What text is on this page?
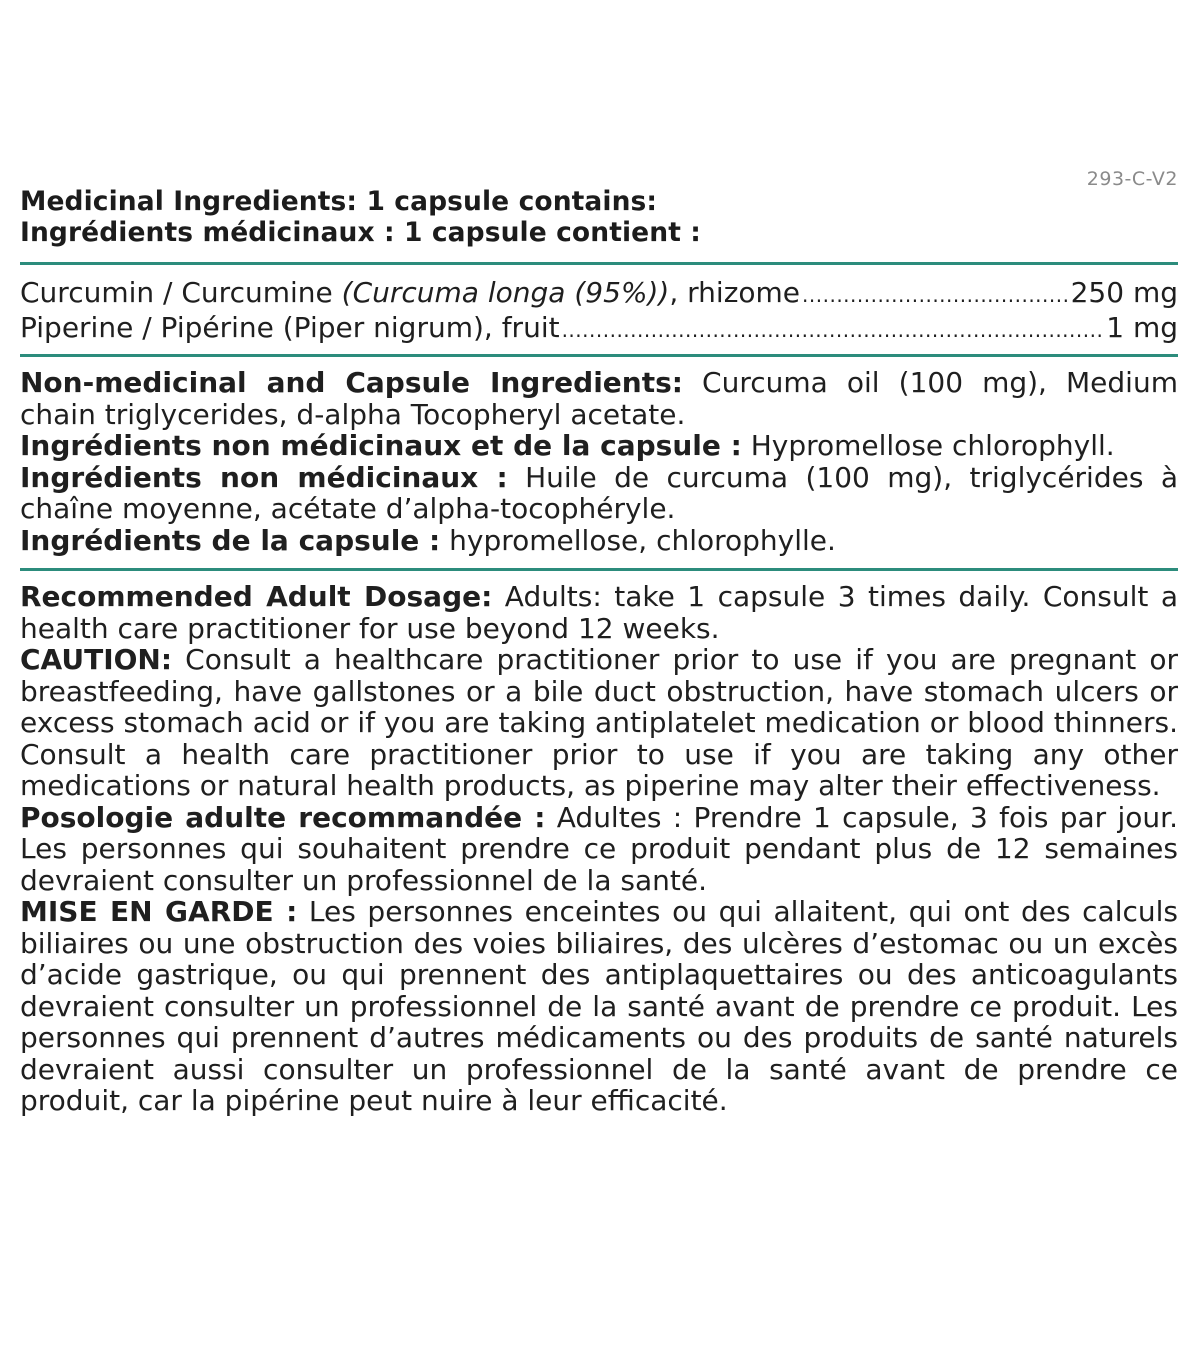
293-C-V2
Medicinal Ingredients: 1 capsule contains:
Ingrédients médicinaux : 1 capsule contient :
Curcumin / Curcumine (Curcuma longa (95%)), rhizome .....	250 mg
Piperine / Pipérine (Piper nigrum), fruit .....	1 mg

Non-medicinal and Capsule Ingredients: Curcuma oil (100 mg), Medium chain triglycerides, d-alpha Tocopheryl acetate.

Ingrédients non médicinaux et de la capsule : Hypromellose chlorophyll.

Ingrédients non médicinaux : Huile de curcuma (100 mg), triglycérides à chaîne moyenne, acétate d’alpha-tocophéryle.

Ingrédients de la capsule : hypromellose, chlorophylle.

Recommended Adult Dosage: Adults: take 1 capsule 3 times daily. Consult a health care practitioner for use beyond 12 weeks.

CAUTION: Consult a healthcare practitioner prior to use if you are pregnant or breastfeeding, have gallstones or a bile duct obstruction, have stomach ulcers or excess stomach acid or if you are taking antiplatelet medication or blood thinners. Consult a health care practitioner prior to use if you are taking any other medications or natural health products, as piperine may alter their effectiveness.

Posologie adulte recommandée : Adultes : Prendre 1 capsule, 3 fois par jour. Les personnes qui souhaitent prendre ce produit pendant plus de 12 semaines devraient consulter un professionnel de la santé.

MISE EN GARDE : Les personnes enceintes ou qui allaitent, qui ont des calculs biliaires ou une obstruction des voies biliaires, des ulcères d’estomac ou un excès d’acide gastrique, ou qui prennent des antiplaquettaires ou des anticoagulants devraient consulter un professionnel de la santé avant de prendre ce produit. Les personnes qui prennent d’autres médicaments ou des produits de santé naturels devraient aussi consulter un professionnel de la santé avant de prendre ce produit, car la pipérine peut nuire à leur efficacité.
